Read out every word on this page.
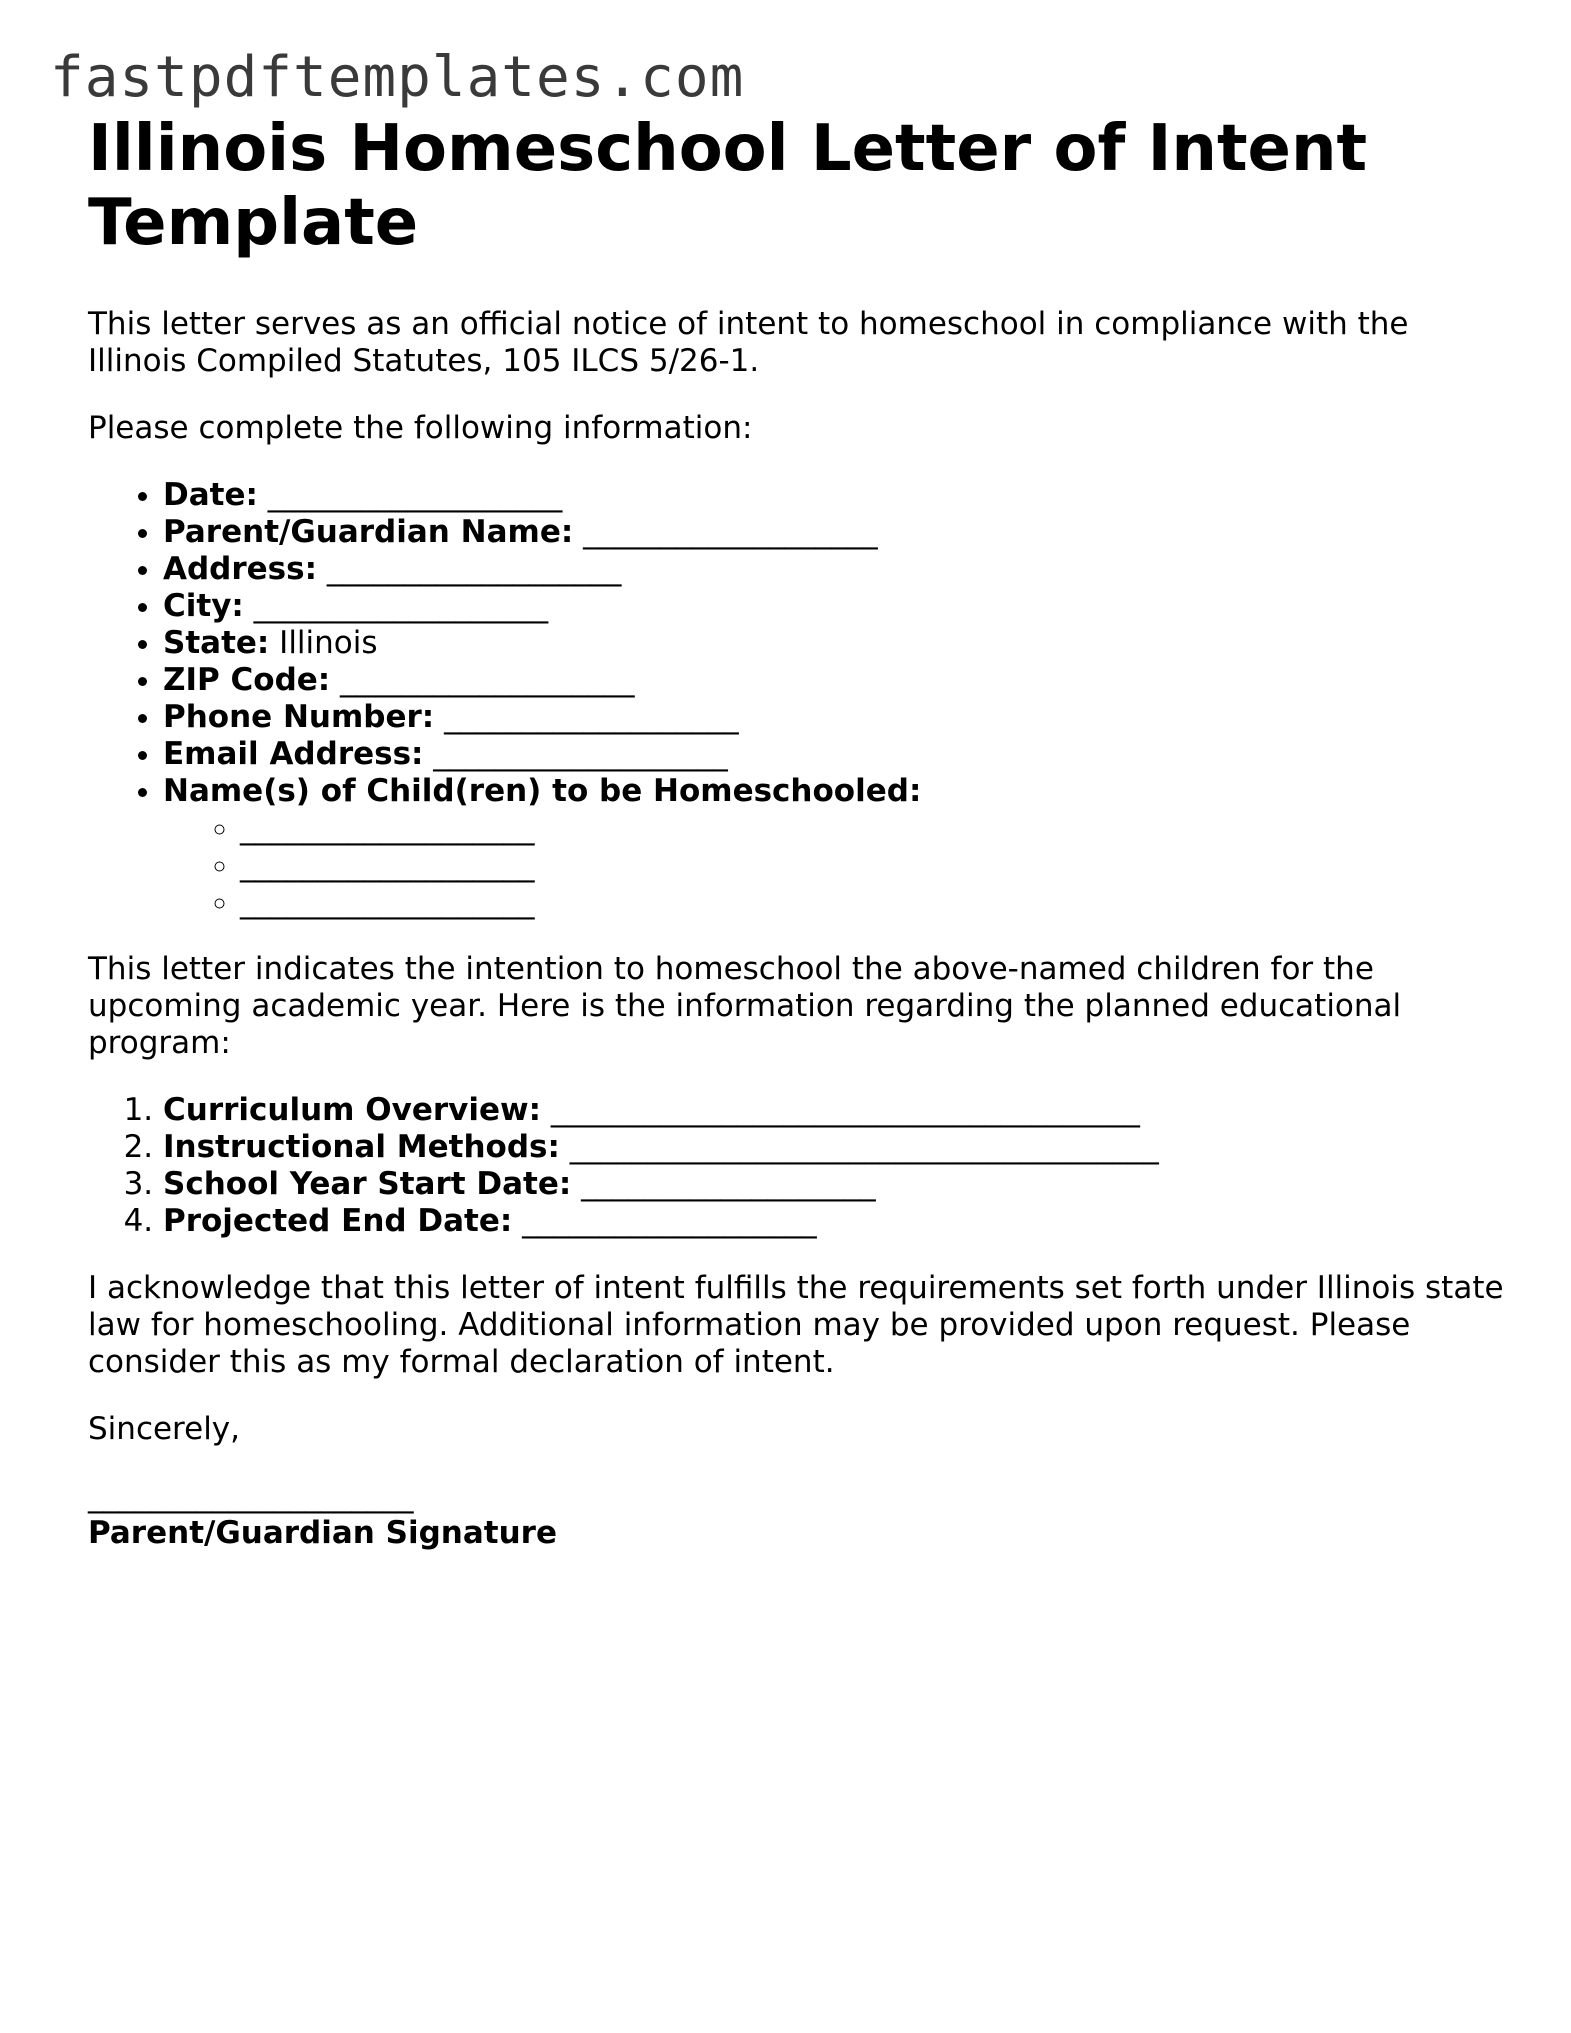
fastpdftemplates.com
Illinois Homeschool Letter of Intent Template

This letter serves as an official notice of intent to homeschool in compliance with the Illinois Compiled Statutes, 105 ILCS 5/26-1.

Please complete the following information:

• Date: ___________________
• Parent/Guardian Name: ___________________
• Address: ___________________
• City: ___________________
• State: Illinois
• ZIP Code: ___________________
• Phone Number: ___________________
• Email Address: ___________________
• Name(s) of Child(ren) to be Homeschooled:
◦ ___________________
◦ ___________________
◦ ___________________

This letter indicates the intention to homeschool the above-named children for the upcoming academic year. Here is the information regarding the planned educational program:

1. Curriculum Overview: ______________________________________
2. Instructional Methods: ______________________________________
3. School Year Start Date: ___________________
4. Projected End Date: ___________________

I acknowledge that this letter of intent fulfills the requirements set forth under Illinois state law for homeschooling. Additional information may be provided upon request. Please consider this as my formal declaration of intent.

Sincerely,

_____________________

Parent/Guardian Signature
